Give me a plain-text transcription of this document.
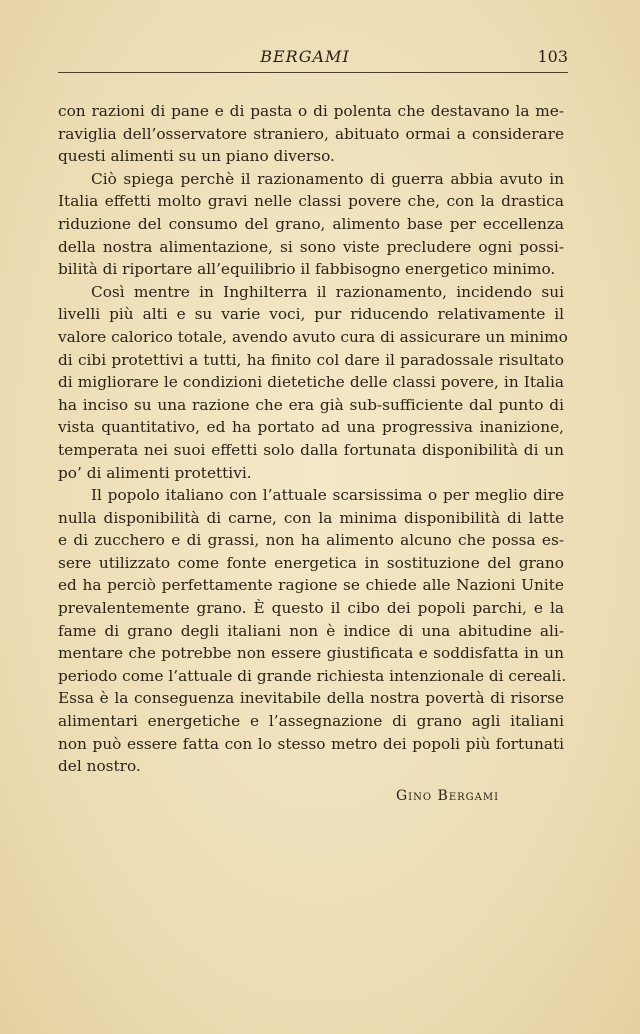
BERGAMI	103
con razioni di pane e di pasta o di polenta che destavano la me-
raviglia dell’osservatore straniero, abituato ormai a considerare
questi alimenti su un piano diverso.
Ciò spiega perchè il razionamento di guerra abbia avuto in
Italia effetti molto gravi nelle classi povere che, con la drastica
riduzione del consumo del grano, alimento base per eccellenza
della nostra alimentazione, si sono viste precludere ogni possi-
bilità di riportare all’equilibrio il fabbisogno energetico minimo.
Così mentre in Inghilterra il razionamento, incidendo sui
livelli più alti e su varie voci, pur riducendo relativamente il
valore calorico totale, avendo avuto cura di assicurare un minimo
di cibi protettivi a tutti, ha finito col dare il paradossale risultato
di migliorare le condizioni dietetiche delle classi povere, in Italia
ha inciso su una razione che era già sub-sufficiente dal punto di
vista quantitativo, ed ha portato ad una progressiva inanizione,
temperata nei suoi effetti solo dalla fortunata disponibilità di un
po’ di alimenti protettivi.
Il popolo italiano con l’attuale scarsissima o per meglio dire
nulla disponibilità di carne, con la minima disponibilità di latte
e di zucchero e di grassi, non ha alimento alcuno che possa es-
sere utilizzato come fonte energetica in sostituzione del grano
ed ha perciò perfettamente ragione se chiede alle Nazioni Unite
prevalentemente grano. È questo il cibo dei popoli parchi, e la
fame di grano degli italiani non è indice di una abitudine ali-
mentare che potrebbe non essere giustificata e soddisfatta in un
periodo come l’attuale di grande richiesta intenzionale di cereali.
Essa è la conseguenza inevitabile della nostra povertà di risorse
alimentari energetiche e l’assegnazione di grano agli italiani
non può essere fatta con lo stesso metro dei popoli più fortunati
del nostro.
Gino Bergami
